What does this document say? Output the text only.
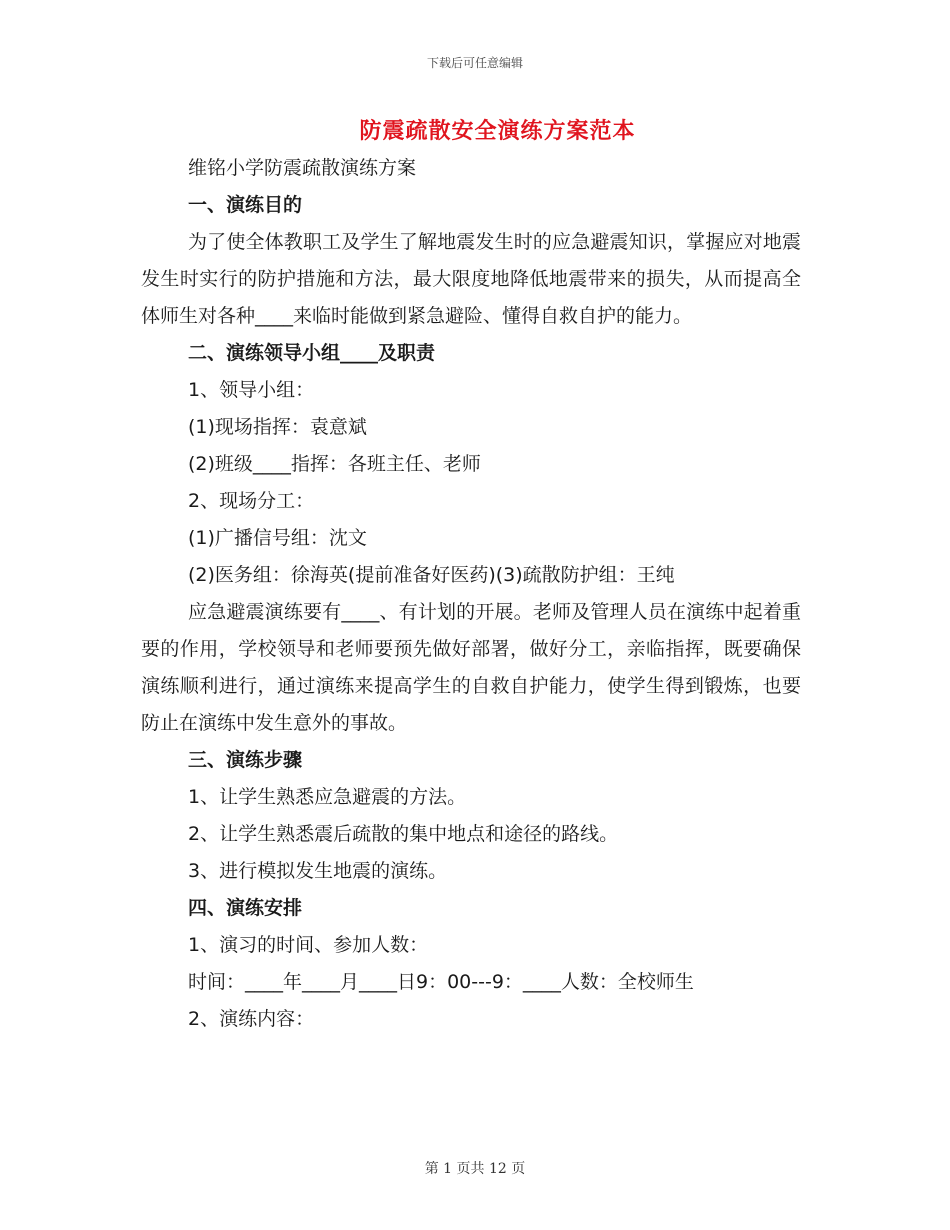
下载后可任意编辑
防震疏散安全演练方案范本
维铭小学防震疏散演练方案
一、演练目的

为了使全体教职工及学生了解地震发生时的应急避震知识，掌握应对地震发生时实行的防护措施和方法，最大限度地降低地震带来的损失，从而提高全体师生对各种____来临时能做到紧急避险、懂得自救自护的能力。

二、演练领导小组____及职责
1、领导小组：
(1)现场指挥：袁意斌
(2)班级____指挥：各班主任、老师
2、现场分工：
(1)广播信号组：沈文
(2)医务组：徐海英(提前准备好医药)(3)疏散防护组：王纯

应急避震演练要有____、有计划的开展。老师及管理人员在演练中起着重要的作用，学校领导和老师要预先做好部署，做好分工，亲临指挥，既要确保演练顺利进行，通过演练来提高学生的自救自护能力，使学生得到锻炼，也要防止在演练中发生意外的事故。

三、演练步骤
1、让学生熟悉应急避震的方法。
2、让学生熟悉震后疏散的集中地点和途径的路线。
3、进行模拟发生地震的演练。
四、演练安排
1、演习的时间、参加人数：
时间：____年____月____日9：00---9：____人数：全校师生
2、演练内容：
第 1 页共 12 页
